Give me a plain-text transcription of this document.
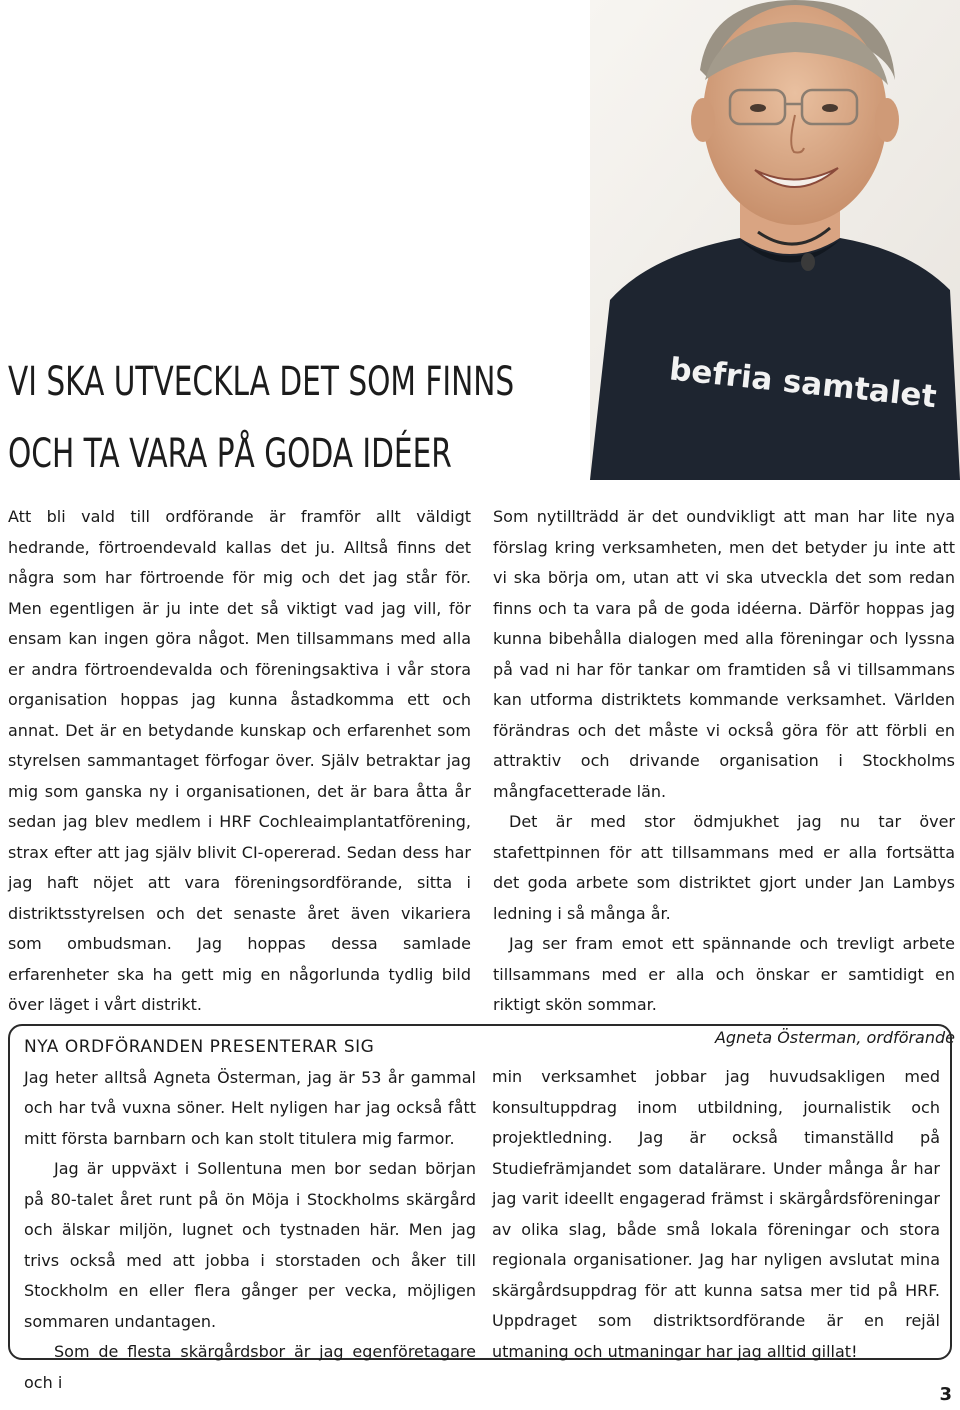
befria samtalet
VI SKA UTVECKLA DET SOM FINNS
OCH TA VARA PÅ GODA IDÉER

Att bli vald till ordförande är framför allt väldigt hedrande, förtroendevald kallas det ju. Alltså finns det några som har förtroende för mig och det jag står för. Men egentligen är ju inte det så viktigt vad jag vill, för ensam kan ingen göra något. Men tillsammans med alla er andra förtroendevalda och föreningsaktiva i vår stora organisation hoppas jag kunna åstadkomma ett och annat. Det är en betydande kunskap och erfarenhet som styrelsen sammantaget förfogar över. Själv betraktar jag mig som ganska ny i organisationen, det är bara åtta år sedan jag blev medlem i HRF Cochleaimplantatförening, strax efter att jag själv blivit CI-opererad. Sedan dess har jag haft nöjet att vara föreningsordförande, sitta i distriktsstyrelsen och det senaste året även vikariera som ombudsman. Jag hoppas dessa samlade erfarenheter ska ha gett mig en någorlunda tydlig bild över läget i vårt distrikt.

Som nytillträdd är det oundvikligt att man har lite nya förslag kring verksamheten, men det betyder ju inte att vi ska börja om, utan att vi ska utveckla det som redan finns och ta vara på de goda idéerna. Därför hoppas jag kunna bibehålla dialogen med alla föreningar och lyssna på vad ni har för tankar om framtiden så vi tillsammans kan utforma distriktets kommande verksamhet. Världen förändras och det måste vi också göra för att förbli en attraktiv och drivande organisation i Stockholms mångfacetterade län.

Det är med stor ödmjukhet jag nu tar över stafettpinnen för att tillsammans med er alla fortsätta det goda arbete som distriktet gjort under Jan Lambys ledning i så många år.

Jag ser fram emot ett spännande och trevligt arbete tillsammans med er alla och önskar er samtidigt en riktigt skön sommar.

Agneta Österman, ordförande
NYA ORDFÖRANDEN PRESENTERAR SIG

Jag heter alltså Agneta Österman, jag är 53 år gammal och har två vuxna söner. Helt nyligen har jag också fått mitt första barnbarn och kan stolt titulera mig farmor.

Jag är uppväxt i Sollentuna men bor sedan början på 80-talet året runt på ön Möja i Stockholms skärgård och älskar miljön, lugnet och tystnaden här. Men jag trivs också med att jobba i storstaden och åker till Stockholm en eller flera gånger per vecka, möjligen sommaren undantagen.

Som de flesta skärgårdsbor är jag egenföretagare och i

min verksamhet jobbar jag huvudsakligen med konsultuppdrag inom utbildning, journalistik och projektledning. Jag är också timanställd på Studiefrämjandet som datalärare. Under många år har jag varit ideellt engagerad främst i skärgårdsföreningar av olika slag, både små lokala föreningar och stora regionala organisationer. Jag har nyligen avslutat mina skärgårdsuppdrag för att kunna satsa mer tid på HRF. Uppdraget som distriktsordförande är en rejäl utmaning och utmaningar har jag alltid gillat!

3
